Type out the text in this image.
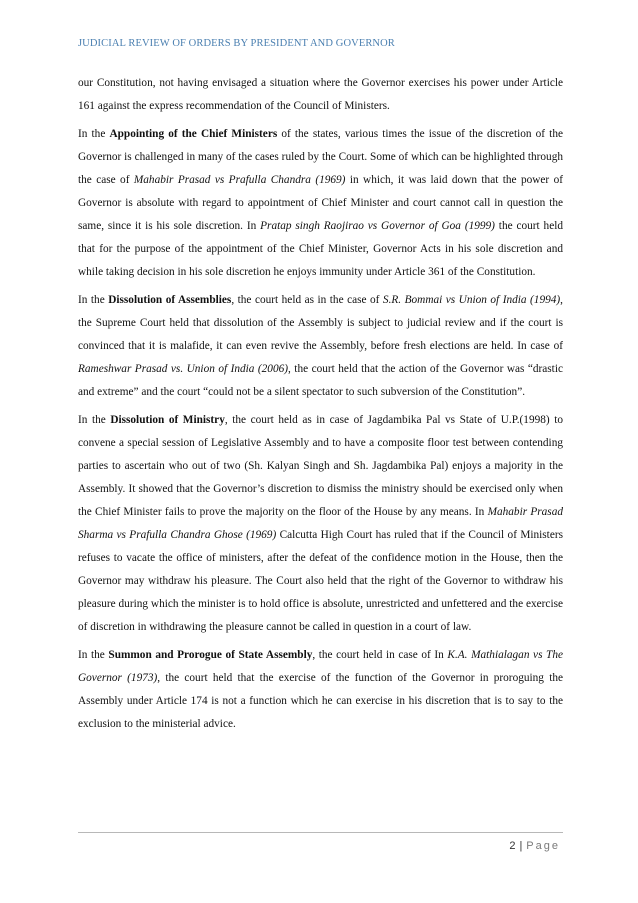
JUDICIAL REVIEW OF ORDERS BY PRESIDENT AND GOVERNOR

our Constitution, not having envisaged a situation where the Governor exercises his power under Article 161 against the express recommendation of the Council of Ministers.

In the Appointing of the Chief Ministers of the states, various times the issue of the discretion of the Governor is challenged in many of the cases ruled by the Court. Some of which can be highlighted through the case of Mahabir Prasad vs Prafulla Chandra (1969) in which, it was laid down that the power of Governor is absolute with regard to appointment of Chief Minister and court cannot call in question the same, since it is his sole discretion. In Pratap singh Raojirao vs Governor of Goa (1999) the court held that for the purpose of the appointment of the Chief Minister, Governor Acts in his sole discretion and while taking decision in his sole discretion he enjoys immunity under Article 361 of the Constitution.

In the Dissolution of Assemblies, the court held as in the case of S.R. Bommai vs Union of India (1994), the Supreme Court held that dissolution of the Assembly is subject to judicial review and if the court is convinced that it is malafide, it can even revive the Assembly, before fresh elections are held. In case of Rameshwar Prasad vs. Union of India (2006), the court held that the action of the Governor was “drastic and extreme” and the court “could not be a silent spectator to such subversion of the Constitution”.

In the Dissolution of Ministry, the court held as in case of Jagdambika Pal vs State of U.P.(1998) to convene a special session of Legislative Assembly and to have a composite floor test between contending parties to ascertain who out of two (Sh. Kalyan Singh and Sh. Jagdambika Pal) enjoys a majority in the Assembly. It showed that the Governor’s discretion to dismiss the ministry should be exercised only when the Chief Minister fails to prove the majority on the floor of the House by any means. In Mahabir Prasad Sharma vs Prafulla Chandra Ghose (1969) Calcutta High Court has ruled that if the Council of Ministers refuses to vacate the office of ministers, after the defeat of the confidence motion in the House, then the Governor may withdraw his pleasure. The Court also held that the right of the Governor to withdraw his pleasure during which the minister is to hold office is absolute, unrestricted and unfettered and the exercise of discretion in withdrawing the pleasure cannot be called in question in a court of law.

In the Summon and Prorogue of State Assembly, the court held in case of In K.A. Mathialagan vs The Governor (1973), the court held that the exercise of the function of the Governor in proroguing the Assembly under Article 174 is not a function which he can exercise in his discretion that is to say to the exclusion to the ministerial advice.

2 | Page
